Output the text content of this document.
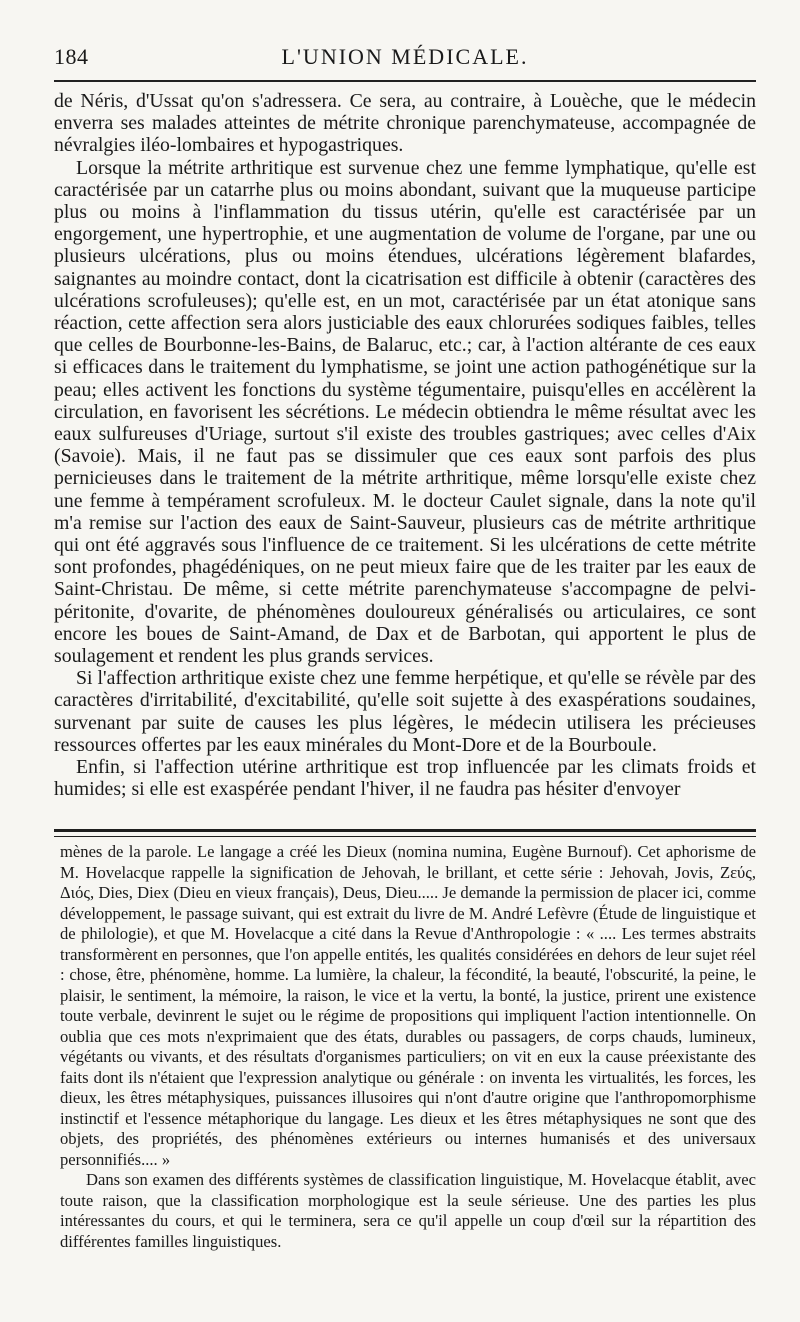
184	L'UNION MÉDICALE.

de Néris, d'Ussat qu'on s'adressera. Ce sera, au contraire, à Louèche, que le médecin enverra ses malades atteintes de métrite chronique parenchymateuse, accompagnée de névralgies iléo-lombaires et hypogastriques.

Lorsque la métrite arthritique est survenue chez une femme lymphatique, qu'elle est caractérisée par un catarrhe plus ou moins abondant, suivant que la muqueuse participe plus ou moins à l'inflammation du tissus utérin, qu'elle est caractérisée par un engorgement, une hypertrophie, et une augmentation de volume de l'organe, par une ou plusieurs ulcérations, plus ou moins étendues, ulcérations légèrement blafardes, saignantes au moindre contact, dont la cicatrisation est difficile à obtenir (caractères des ulcérations scrofuleuses); qu'elle est, en un mot, caractérisée par un état atonique sans réaction, cette affection sera alors justiciable des eaux chlorurées sodiques faibles, telles que celles de Bourbonne-les-Bains, de Balaruc, etc.; car, à l'action altérante de ces eaux si efficaces dans le traitement du lymphatisme, se joint une action pathogénétique sur la peau; elles activent les fonctions du système tégumentaire, puisqu'elles en accélèrent la circulation, en favorisent les sécrétions. Le médecin obtiendra le même résultat avec les eaux sulfureuses d'Uriage, surtout s'il existe des troubles gastriques; avec celles d'Aix (Savoie). Mais, il ne faut pas se dissimuler que ces eaux sont parfois des plus pernicieuses dans le traitement de la métrite arthritique, même lorsqu'elle existe chez une femme à tempérament scrofuleux. M. le docteur Caulet signale, dans la note qu'il m'a remise sur l'action des eaux de Saint-Sauveur, plusieurs cas de métrite arthritique qui ont été aggravés sous l'influence de ce traitement. Si les ulcérations de cette métrite sont profondes, phagédéniques, on ne peut mieux faire que de les traiter par les eaux de Saint-Christau. De même, si cette métrite parenchymateuse s'accompagne de pelvi-péritonite, d'ovarite, de phénomènes douloureux généralisés ou articulaires, ce sont encore les boues de Saint-Amand, de Dax et de Barbotan, qui apportent le plus de soulagement et rendent les plus grands services.

Si l'affection arthritique existe chez une femme herpétique, et qu'elle se révèle par des caractères d'irritabilité, d'excitabilité, qu'elle soit sujette à des exaspérations soudaines, survenant par suite de causes les plus légères, le médecin utilisera les précieuses ressources offertes par les eaux minérales du Mont-Dore et de la Bourboule.

Enfin, si l'affection utérine arthritique est trop influencée par les climats froids et humides; si elle est exaspérée pendant l'hiver, il ne faudra pas hésiter d'envoyer

mènes de la parole. Le langage a créé les Dieux (nomina numina, Eugène Burnouf). Cet aphorisme de M. Hovelacque rappelle la signification de Jehovah, le brillant, et cette série : Jehovah, Jovis, Ζεύς, Διός, Dies, Diex (Dieu en vieux français), Deus, Dieu..... Je demande la permission de placer ici, comme développement, le passage suivant, qui est extrait du livre de M. André Lefèvre (Étude de linguistique et de philologie), et que M. Hovelacque a cité dans la Revue d'Anthropologie : « .... Les termes abstraits transformèrent en personnes, que l'on appelle entités, les qualités considérées en dehors de leur sujet réel : chose, être, phénomène, homme. La lumière, la chaleur, la fécondité, la beauté, l'obscurité, la peine, le plaisir, le sentiment, la mémoire, la raison, le vice et la vertu, la bonté, la justice, prirent une existence toute verbale, devinrent le sujet ou le régime de propositions qui impliquent l'action intentionnelle. On oublia que ces mots n'exprimaient que des états, durables ou passagers, de corps chauds, lumineux, végétants ou vivants, et des résultats d'organismes particuliers; on vit en eux la cause préexistante des faits dont ils n'étaient que l'expression analytique ou générale : on inventa les virtualités, les forces, les dieux, les êtres métaphysiques, puissances illusoires qui n'ont d'autre origine que l'anthropomorphisme instinctif et l'essence métaphorique du langage. Les dieux et les êtres métaphysiques ne sont que des objets, des propriétés, des phénomènes extérieurs ou internes humanisés et des universaux personnifiés.... »

Dans son examen des différents systèmes de classification linguistique, M. Hovelacque établit, avec toute raison, que la classification morphologique est la seule sérieuse. Une des parties les plus intéressantes du cours, et qui le terminera, sera ce qu'il appelle un coup d'œil sur la répartition des différentes familles linguistiques.
